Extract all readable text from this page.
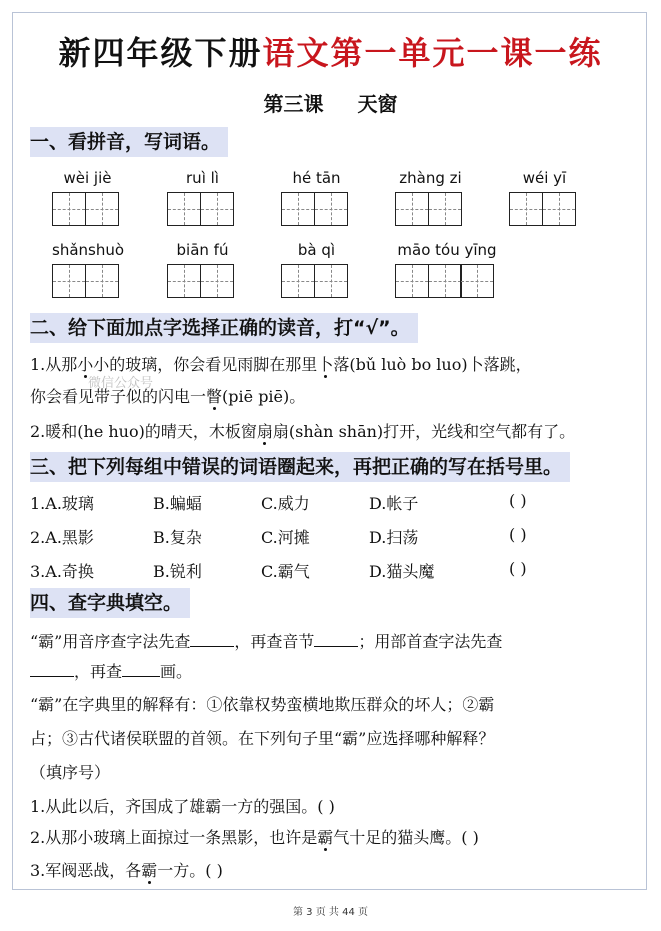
新四年级下册语文第一单元一课一练
第三课 天窗
一、看拼音，写词语。
wèi jiè	ruì lì	hé tān	zhàng zi	wéi yī
shǎnshuò	biān fú	bà qì	māo tóu yīng
二、给下面加点字选择正确的读音，打“√”。
1.从那小小的玻璃，你会看见雨脚在那里卜落(bǔ luò bo luo)卜落跳，
微信公众号
你会看见带子似的闪电一瞥(piē piē)。
2.暖和(he huo)的晴天，木板窗扇扇(shàn shān)打开，光线和空气都有了。
三、把下列每组中错误的词语圈起来，再把正确的写在括号里。
1.A.玻璃	B.蝙蝠	C.威力	D.帐子	( )
2.A.黑影	B.复杂	C.河摊	D.扫荡	( )
3.A.奇换	B.锐利	C.霸气	D.猫头魔	( )
四、查字典填空。
“霸”用音序查字法先查	，再查音节	；用部首查字法先查
，再查 画。
“霸”在字典里的解释有：①依靠权势蛮横地欺压群众的坏人；②霸
占；③古代诸侯联盟的首领。在下列句子里“霸”应选择哪种解释？
（填序号）
1.从此以后，齐国成了雄霸一方的强国。( )
2.从那小玻璃上面掠过一条黑影，也许是霸气十足的猫头鹰。( )
3.军阀恶战，各霸一方。( )
第 3 页 共 44 页
